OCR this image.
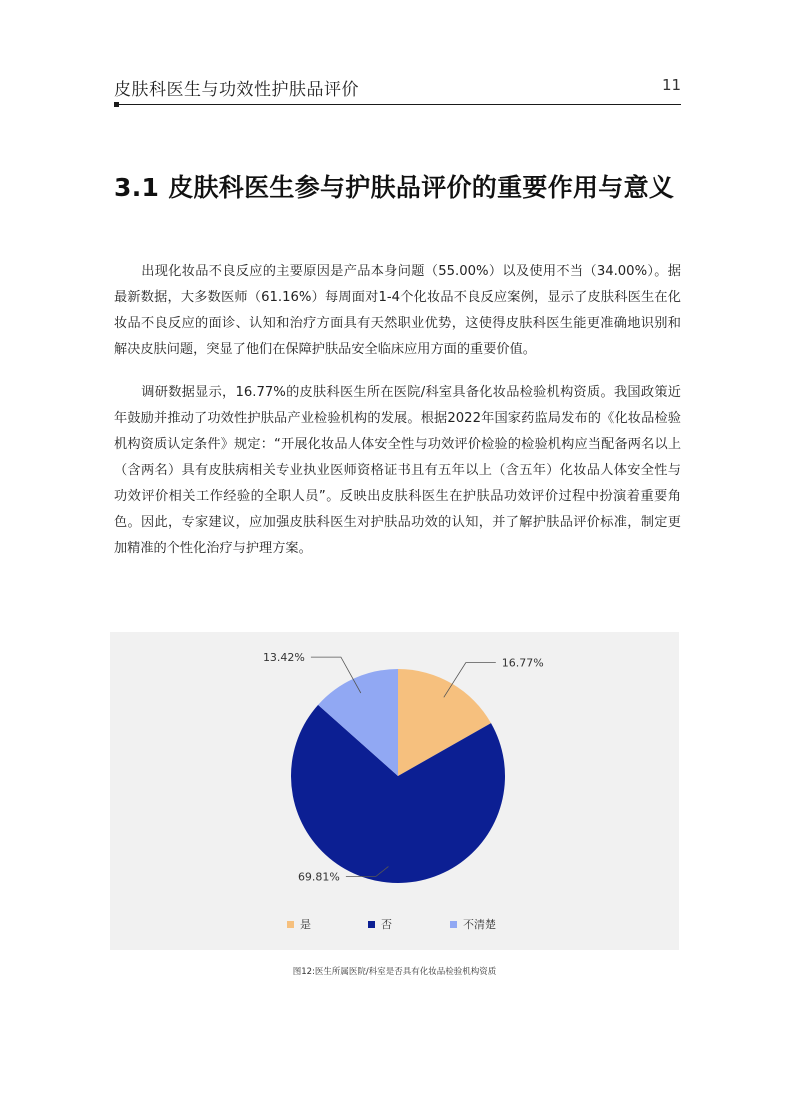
皮肤科医生与功效性护肤品评价	11
3.1 皮肤科医生参与护肤品评价的重要作用与意义
出现化妆品不良反应的主要原因是产品本身问题（55.00%）以及使用不当（34.00%）。据最新数据，大多数医师（61.16%）每周面对1-4个化妆品不良反应案例，显示了皮肤科医生在化妆品不良反应的面诊、认知和治疗方面具有天然职业优势，这使得皮肤科医生能更准确地识别和解决皮肤问题，突显了他们在保障护肤品安全临床应用方面的重要价值。
调研数据显示，16.77%的皮肤科医生所在医院/科室具备化妆品检验机构资质。我国政策近年鼓励并推动了功效性护肤品产业检验机构的发展。根据2022年国家药监局发布的《化妆品检验机构资质认定条件》规定：“开展化妆品人体安全性与功效评价检验的检验机构应当配备两名以上（含两名）具有皮肤病相关专业执业医师资格证书且有五年以上（含五年）化妆品人体安全性与功效评价相关工作经验的全职人员”。反映出皮肤科医生在护肤品功效评价过程中扮演着重要角色。因此，专家建议，应加强皮肤科医生对护肤品功效的认知，并了解护肤品评价标准，制定更加精准的个性化治疗与护理方案。
16.77%
69.81%
13.42%
是	否	不清楚
图12:医生所属医院/科室是否具有化妆品检验机构资质
